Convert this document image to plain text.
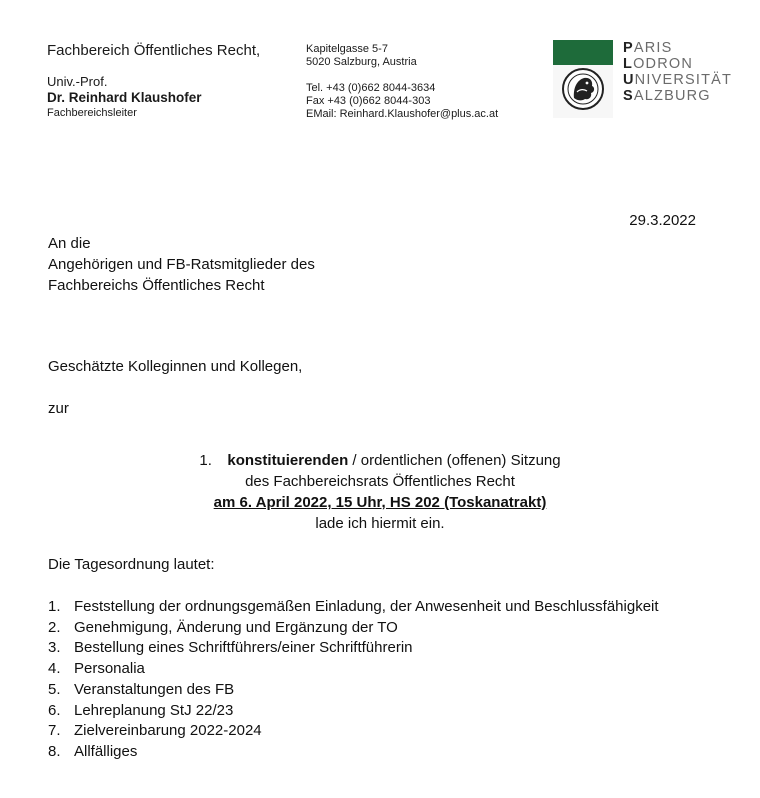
Fachbereich Öffentliches Recht,
Univ.-Prof.
Dr. Reinhard Klaushofer
Fachbereichsleiter
Kapitelgasse 5-7
5020 Salzburg, Austria
Tel. +43 (0)662 8044-3634
Fax +43 (0)662 8044-303
EMail: Reinhard.Klaushofer@plus.ac.at
PARIS
LODRON
UNIVERSITÄT
SALZBURG
29.3.2022
An die
Angehörigen und FB-Ratsmitglieder des
Fachbereichs Öffentliches Recht
Geschätzte Kolleginnen und Kollegen,
zur
1. konstituierenden / ordentlichen (offenen) Sitzung
des Fachbereichsrats Öffentliches Recht
am 6. April 2022, 15 Uhr, HS 202 (Toskanatrakt)
lade ich hiermit ein.
Die Tagesordnung lautet:
1. Feststellung der ordnungsgemäßen Einladung, der Anwesenheit und Beschlussfähigkeit
2. Genehmigung, Änderung und Ergänzung der TO
3. Bestellung eines Schriftführers/einer Schriftführerin
4. Personalia
5. Veranstaltungen des FB
6. Lehreplanung StJ 22/23
7. Zielvereinbarung 2022-2024
8. Allfälliges
